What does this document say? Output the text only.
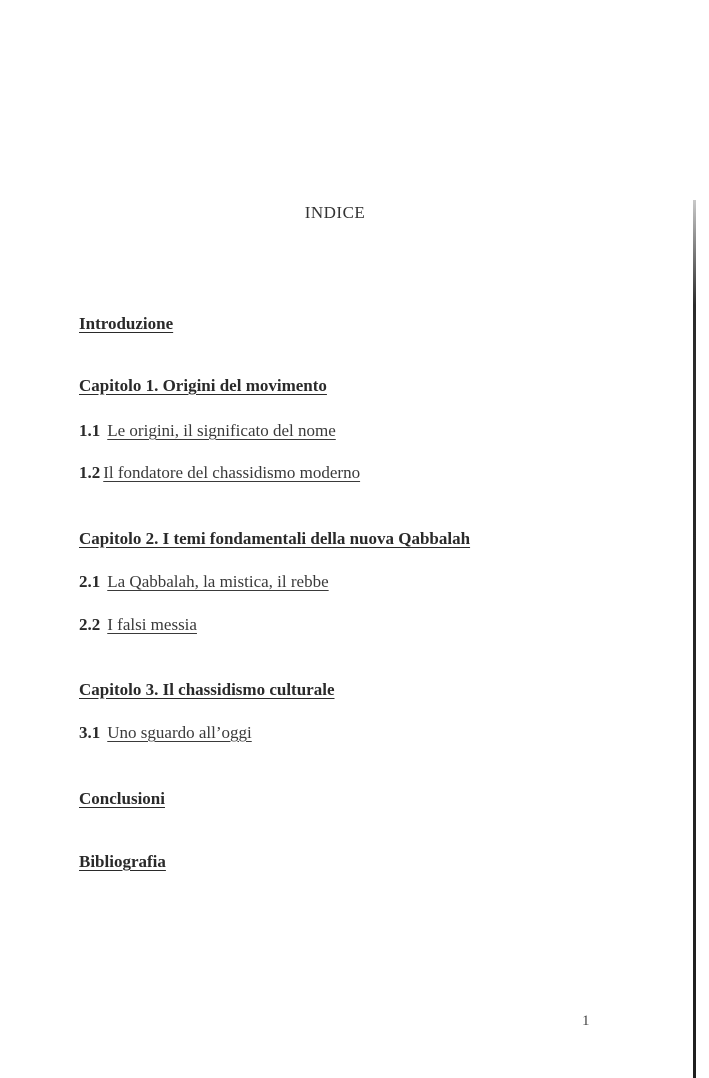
INDICE
Introduzione
Capitolo 1. Origini del movimento
1.1 Le origini, il significato del nome
1.2 Il fondatore del chassidismo moderno
Capitolo 2. I temi fondamentali della nuova Qabbalah
2.1 La Qabbalah, la mistica, il rebbe
2.2 I falsi messia
Capitolo 3. Il chassidismo culturale
3.1 Uno sguardo all’oggi
Conclusioni
Bibliografia
1
